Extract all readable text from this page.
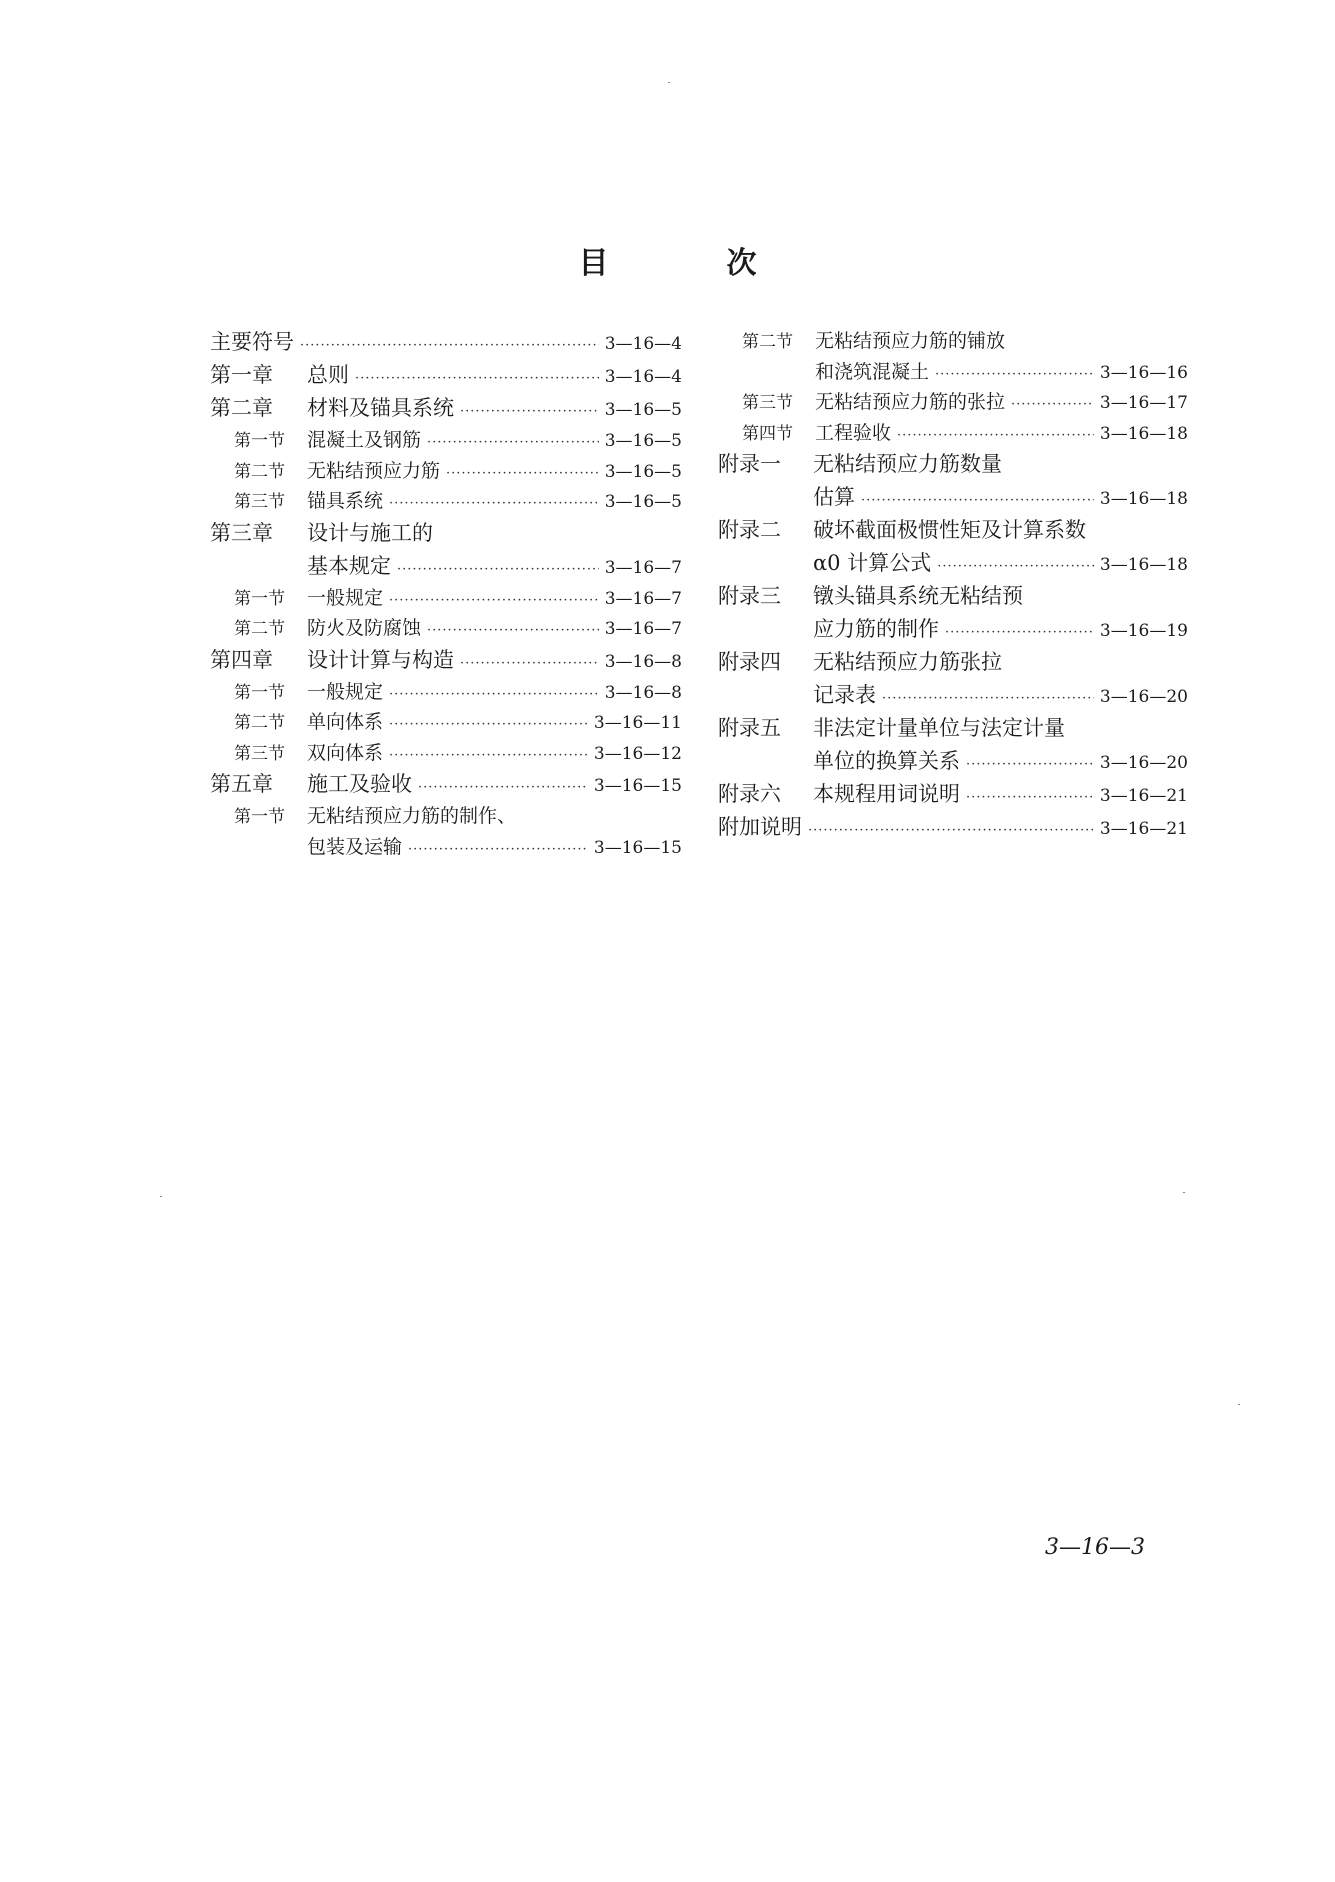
目	次
主要符号 ·····	3—16—4
第一章	总则 ·····	3—16—4
第二章	材料及锚具系统 ·····	3—16—5
第一节	混凝土及钢筋 ·····	3—16—5
第二节	无粘结预应力筋 ·····	3—16—5
第三节	锚具系统 ·····	3—16—5
第三章	设计与施工的
基本规定 ·····	3—16—7
第一节	一般规定 ·····	3—16—7
第二节	防火及防腐蚀 ·····	3—16—7
第四章	设计计算与构造 ·····	3—16—8
第一节	一般规定 ·····	3—16—8
第二节	单向体系 ·····	3—16—11
第三节	双向体系 ·····	3—16—12
第五章	施工及验收 ·····	3—16—15
第一节	无粘结预应力筋的制作、
包装及运输 ·····	3—16—15
第二节	无粘结预应力筋的铺放
和浇筑混凝土 ·····	3—16—16
第三节	无粘结预应力筋的张拉 ·····	3—16—17
第四节	工程验收 ·····	3—16—18
附录一	无粘结预应力筋数量
估算 ·····	3—16—18
附录二	破坏截面极惯性矩及计算系数
α0 计算公式 ·····	3—16—18
附录三	镦头锚具系统无粘结预
应力筋的制作 ·····	3—16—19
附录四	无粘结预应力筋张拉
记录表 ·····	3—16—20
附录五	非法定计量单位与法定计量
单位的换算关系 ·····	3—16—20
附录六	本规程用词说明 ·····	3—16—21
附加说明 ·····	3—16—21
3—16—3
